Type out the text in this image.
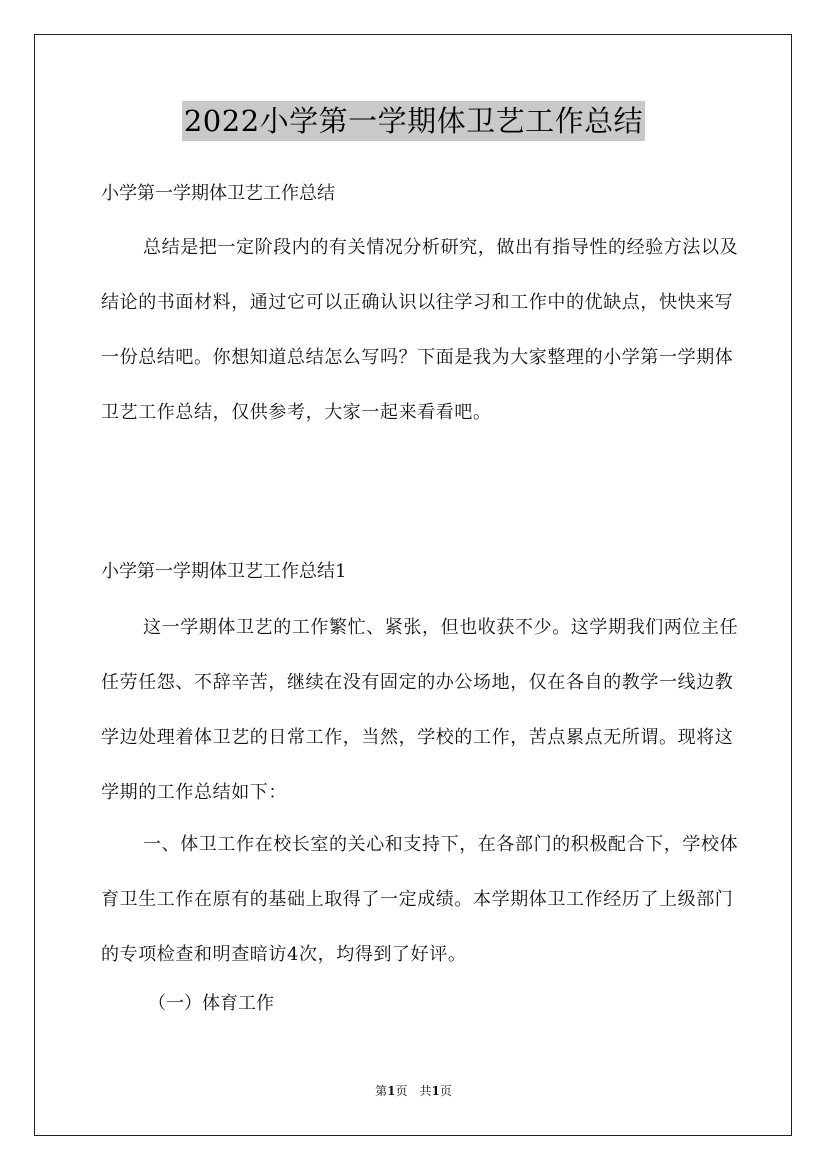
2022小学第一学期体卫艺工作总结
小学第一学期体卫艺工作总结

总结是把一定阶段内的有关情况分析研究，做出有指导性的经验方法以及结论的书面材料，通过它可以正确认识以往学习和工作中的优缺点，快快来写一份总结吧。你想知道总结怎么写吗？下面是我为大家整理的小学第一学期体卫艺工作总结，仅供参考，大家一起来看看吧。

小学第一学期体卫艺工作总结1

这一学期体卫艺的工作繁忙、紧张，但也收获不少。这学期我们两位主任任劳任怨、不辞辛苦，继续在没有固定的办公场地，仅在各自的教学一线边教学边处理着体卫艺的日常工作，当然，学校的工作，苦点累点无所谓。现将这学期的工作总结如下：

一、体卫工作在校长室的关心和支持下，在各部门的积极配合下，学校体育卫生工作在原有的基础上取得了一定成绩。本学期体卫工作经历了上级部门的专项检查和明查暗访4次，均得到了好评。

（一）体育工作
第1页 共1页
